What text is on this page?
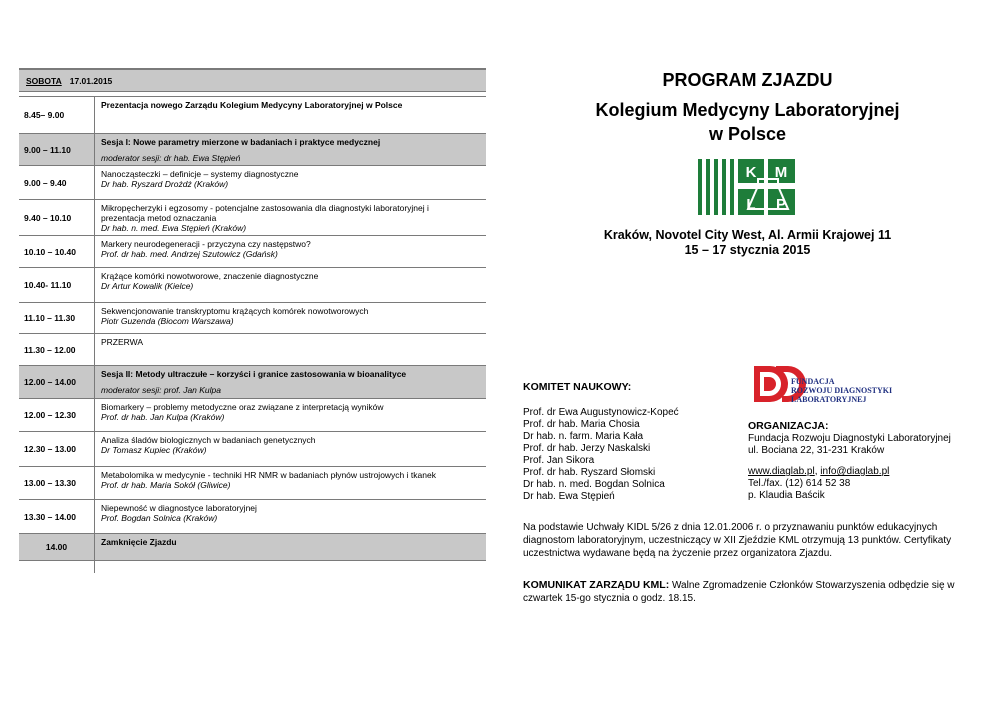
SOBOTA 17.01.2015
8.45– 9.00
Prezentacja nowego Zarządu Kolegium Medycyny Laboratoryjnej w Polsce
9.00 – 11.10
Sesja I: Nowe parametry mierzone w badaniach i praktyce medycznej
moderator sesji: dr hab. Ewa Stępień
9.00 – 9.40
Nanocząsteczki – definicje – systemy diagnostyczne
Dr hab. Ryszard Drożdż (Kraków)
9.40 – 10.10
Mikropęcherzyki i egzosomy - potencjalne zastosowania dla diagnostyki laboratoryjnej i
prezentacja metod oznaczania
Dr hab. n. med. Ewa Stępień (Kraków)
10.10 – 10.40
Markery neurodegeneracji - przyczyna czy następstwo?
Prof. dr hab. med. Andrzej Szutowicz (Gdańsk)
10.40- 11.10
Krążące komórki nowotworowe, znaczenie diagnostyczne
Dr Artur Kowalik (Kielce)
11.10 – 11.30
Sekwencjonowanie transkryptomu krążących komórek nowotworowych
Piotr Guzenda (Biocom Warszawa)
11.30 – 12.00
PRZERWA
12.00 – 14.00
Sesja II: Metody ultraczułe – korzyści i granice zastosowania w bioanalityce
moderator sesji: prof. Jan Kulpa
12.00 – 12.30
Biomarkery – problemy metodyczne oraz związane z interpretacją wyników
Prof. dr hab. Jan Kulpa (Kraków)
12.30 – 13.00
Analiza śladów biologicznych w badaniach genetycznych
Dr Tomasz Kupiec (Kraków)
13.00 – 13.30
Metabolomika w medycynie - techniki HR NMR w badaniach płynów ustrojowych i tkanek
Prof. dr hab. Maria Sokół (Gliwice)
13.30 – 14.00
Niepewność w diagnostyce laboratoryjnej
Prof. Bogdan Solnica (Kraków)
14.00	Zamknięcie Zjazdu
PROGRAM ZJAZDU
Kolegium Medycyny Laboratoryjnej
w Polsce
K M
L P
Kraków, Novotel City West, Al. Armii Krajowej 11
15 – 17 stycznia 2015
FUNDACJA
ROZWOJU DIAGNOSTYKI
LABORATORYJNEJ
KOMITET NAUKOWY:
Prof. dr Ewa Augustynowicz-Kopeć
Prof. dr hab. Maria Chosia
Dr hab. n. farm. Maria Kała
Prof. dr hab. Jerzy Naskalski
Prof. Jan Sikora
Prof. dr hab. Ryszard Słomski
Dr hab. n. med. Bogdan Solnica
Dr hab. Ewa Stępień
ORGANIZACJA:
Fundacja Rozwoju Diagnostyki Laboratoryjnej
ul. Bociana 22, 31-231 Kraków
www.diaglab.pl, info@diaglab.pl
Tel./fax. (12) 614 52 38
p. Klaudia Baścik
Na podstawie Uchwały KIDL 5/26 z dnia 12.01.2006 r. o przyznawaniu punktów edukacyjnych diagnostom laboratoryjnym, uczestniczący w XII Zjeździe KML otrzymują 13 punktów. Certyfikaty uczestnictwa wydawane będą na życzenie przez organizatora Zjazdu.
KOMUNIKAT ZARZĄDU KML: Walne Zgromadzenie Członków Stowarzyszenia odbędzie się w czwartek 15-go stycznia o godz. 18.15.
